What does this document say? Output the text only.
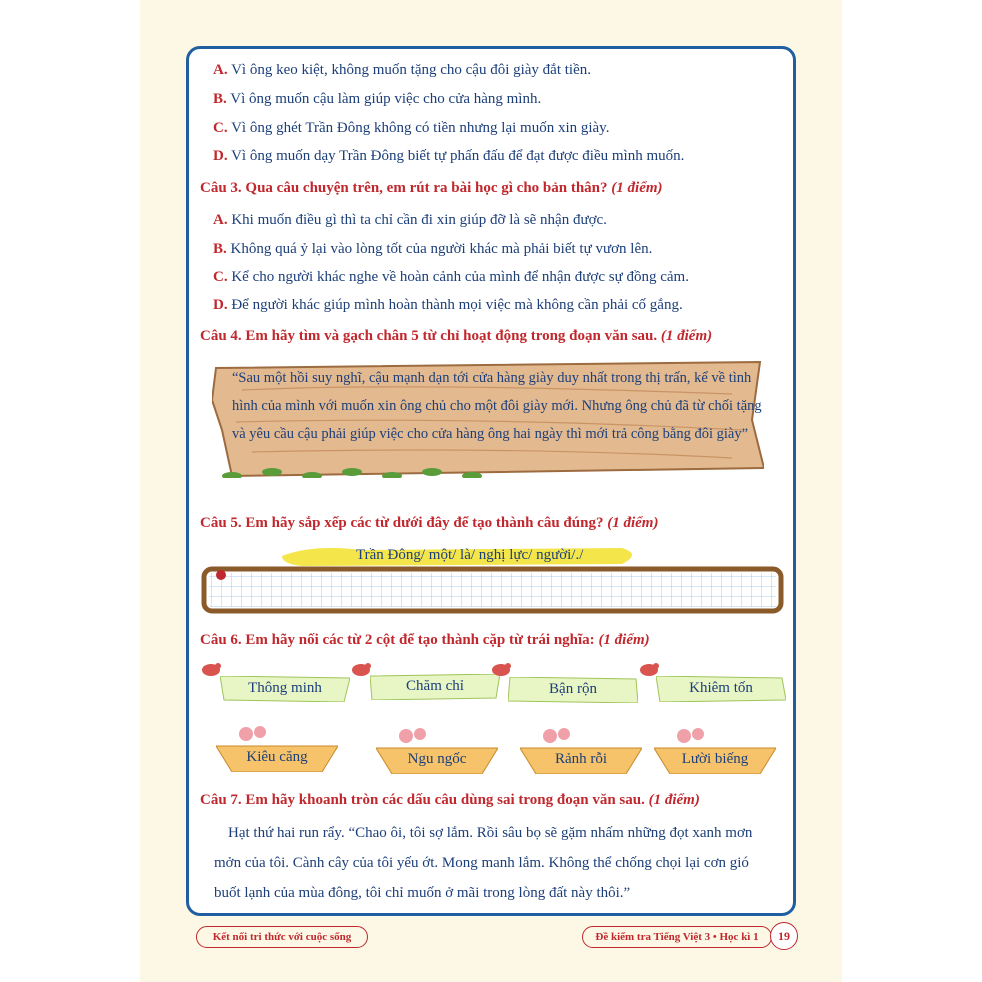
A. Vì ông keo kiệt, không muốn tặng cho cậu đôi giày đắt tiền.
B. Vì ông muốn cậu làm giúp việc cho cửa hàng mình.
C. Vì ông ghét Trần Đông không có tiền nhưng lại muốn xin giày.
D. Vì ông muốn dạy Trần Đông biết tự phấn đấu để đạt được điều mình muốn.
Câu 3. Qua câu chuyện trên, em rút ra bài học gì cho bản thân? (1 điểm)
A. Khi muốn điều gì thì ta chỉ cần đi xin giúp đỡ là sẽ nhận được.
B. Không quá ỷ lại vào lòng tốt của người khác mà phải biết tự vươn lên.
C. Kể cho người khác nghe về hoàn cảnh của mình để nhận được sự đồng cảm.
D. Để người khác giúp mình hoàn thành mọi việc mà không cần phải cố gắng.
Câu 4. Em hãy tìm và gạch chân 5 từ chỉ hoạt động trong đoạn văn sau. (1 điểm)
“Sau một hồi suy nghĩ, cậu mạnh dạn tới cửa hàng giày duy nhất trong thị trấn, kể về tình hình của mình với muốn xin ông chủ cho một đôi giày mới. Nhưng ông chủ đã từ chối tặng và yêu cầu cậu phải giúp việc cho cửa hàng ông hai ngày thì mới trả công bằng đôi giày”
Câu 5. Em hãy sắp xếp các từ dưới đây để tạo thành câu đúng? (1 điểm)
Trần Đông/ một/ là/ nghị lực/ người/./
Câu 6. Em hãy nối các từ 2 cột để tạo thành cặp từ trái nghĩa: (1 điểm)
Thông minh	Chăm chỉ	Bận rộn	Khiêm tốn
Kiêu căng	Ngu ngốc	Rảnh rỗi	Lười biếng
Câu 7. Em hãy khoanh tròn các dấu câu dùng sai trong đoạn văn sau. (1 điểm)
Hạt thứ hai run rẩy. “Chao ôi, tôi sợ lắm. Rồi sâu bọ sẽ gặm nhấm những đọt xanh mơn mởn của tôi. Cành cây của tôi yếu ớt. Mong manh lắm. Không thể chống chọi lại cơn gió buốt lạnh của mùa đông, tôi chỉ muốn ở mãi trong lòng đất này thôi.”
Kết nối tri thức với cuộc sống	Đề kiểm tra Tiếng Việt 3 • Học kì 1	19
